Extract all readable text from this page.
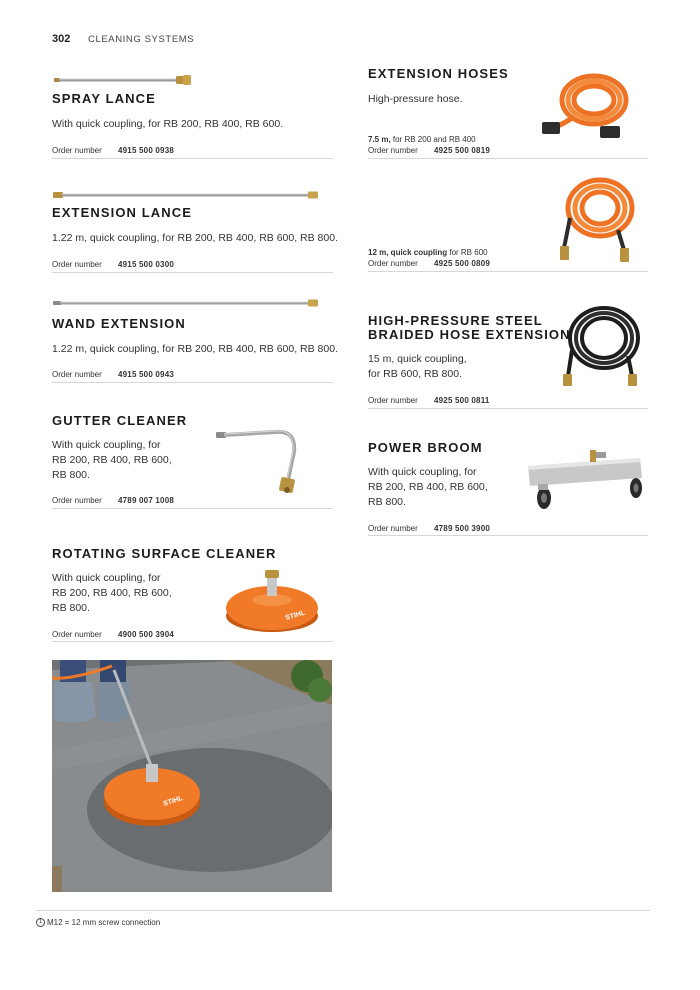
302 CLEANING SYSTEMS
SPRAY LANCE
With quick coupling, for RB 200, RB 400, RB 600.
Order number 4915 500 0938
EXTENSION LANCE
1.22 m, quick coupling, for RB 200, RB 400, RB 600, RB 800.
Order number 4915 500 0300
WAND EXTENSION
1.22 m, quick coupling, for RB 200, RB 400, RB 600, RB 800.
Order number 4915 500 0943
GUTTER CLEANER
With quick coupling, for
RB 200, RB 400, RB 600,
RB 800.
Order number 4789 007 1008
ROTATING SURFACE CLEANER
With quick coupling, for
RB 200, RB 400, RB 600,
RB 800.
STIHL
Order number 4900 500 3904
STIHL
EXTENSION HOSES
High-pressure hose.
7.5 m, for RB 200 and RB 400
Order number 4925 500 0819
12 m, quick coupling for RB 600
Order number 4925 500 0809
HIGH-PRESSURE STEEL
BRAIDED HOSE EXTENSION
15 m, quick coupling,
for RB 600, RB 800.
Order number 4925 500 0811
POWER BROOM
With quick coupling, for
RB 200, RB 400, RB 600,
RB 800.
Order number 4789 500 3900
1 M12 = 12 mm screw connection
